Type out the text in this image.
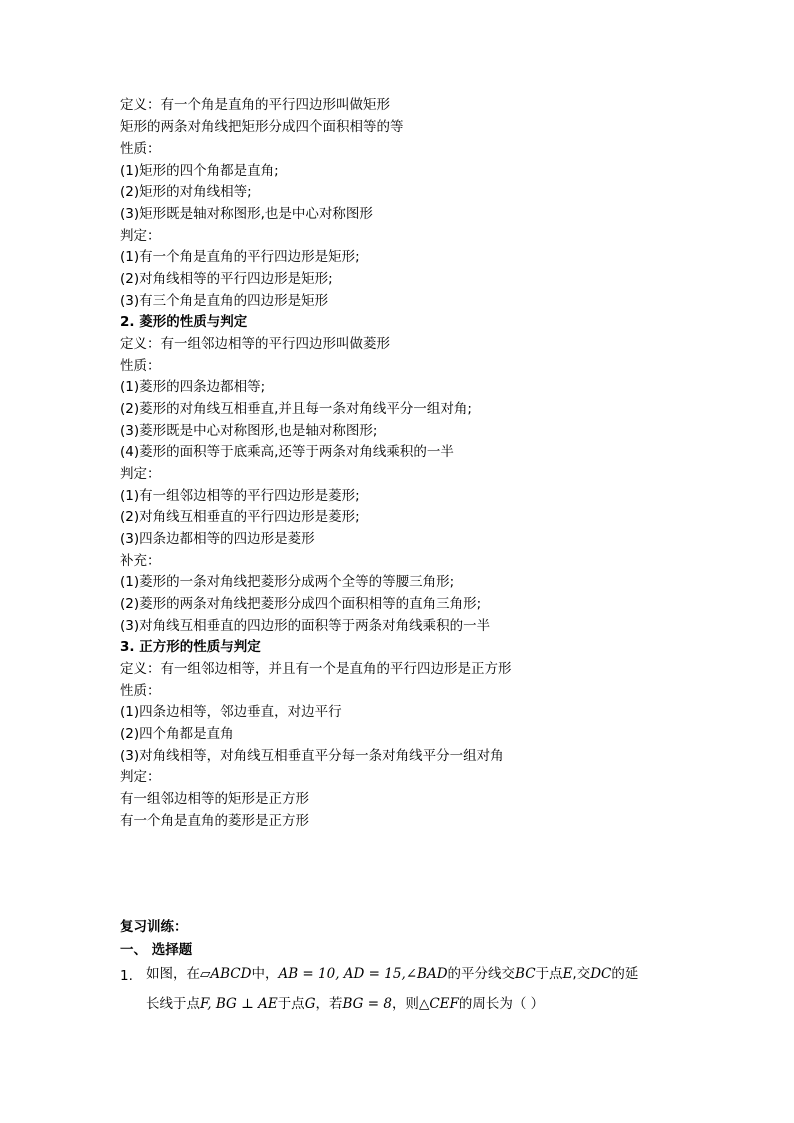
定义：有一个角是直角的平行四边形叫做矩形
矩形的两条对角线把矩形分成四个面积相等的等
性质：
(1)矩形的四个角都是直角;
(2)矩形的对角线相等;
(3)矩形既是轴对称图形,也是中心对称图形
判定：
(1)有一个角是直角的平行四边形是矩形;
(2)对角线相等的平行四边形是矩形;
(3)有三个角是直角的四边形是矩形
2. 菱形的性质与判定
定义：有一组邻边相等的平行四边形叫做菱形
性质：
(1)菱形的四条边都相等;
(2)菱形的对角线互相垂直,并且每一条对角线平分一组对角;
(3)菱形既是中心对称图形,也是轴对称图形;
(4)菱形的面积等于底乘高,还等于两条对角线乘积的一半
判定：
(1)有一组邻边相等的平行四边形是菱形;
(2)对角线互相垂直的平行四边形是菱形;
(3)四条边都相等的四边形是菱形
补充：
(1)菱形的一条对角线把菱形分成两个全等的等腰三角形;
(2)菱形的两条对角线把菱形分成四个面积相等的直角三角形;
(3)对角线互相垂直的四边形的面积等于两条对角线乘积的一半
3. 正方形的性质与判定
定义：有一组邻边相等，并且有一个是直角的平行四边形是正方形
性质：
(1)四条边相等，邻边垂直，对边平行
(2)四个角都是直角
(3)对角线相等，对角线互相垂直平分每一条对角线平分一组对角
判定：
有一组邻边相等的矩形是正方形
有一个角是直角的菱形是正方形
复习训练：
一、 选择题
1. 如图，在▱ABCD中，AB = 10, AD = 15,∠BAD的平分线交BC于点E,交DC的延
长线于点F, BG ⊥ AE于点G，若BG = 8，则△CEF的周长为（ ）
